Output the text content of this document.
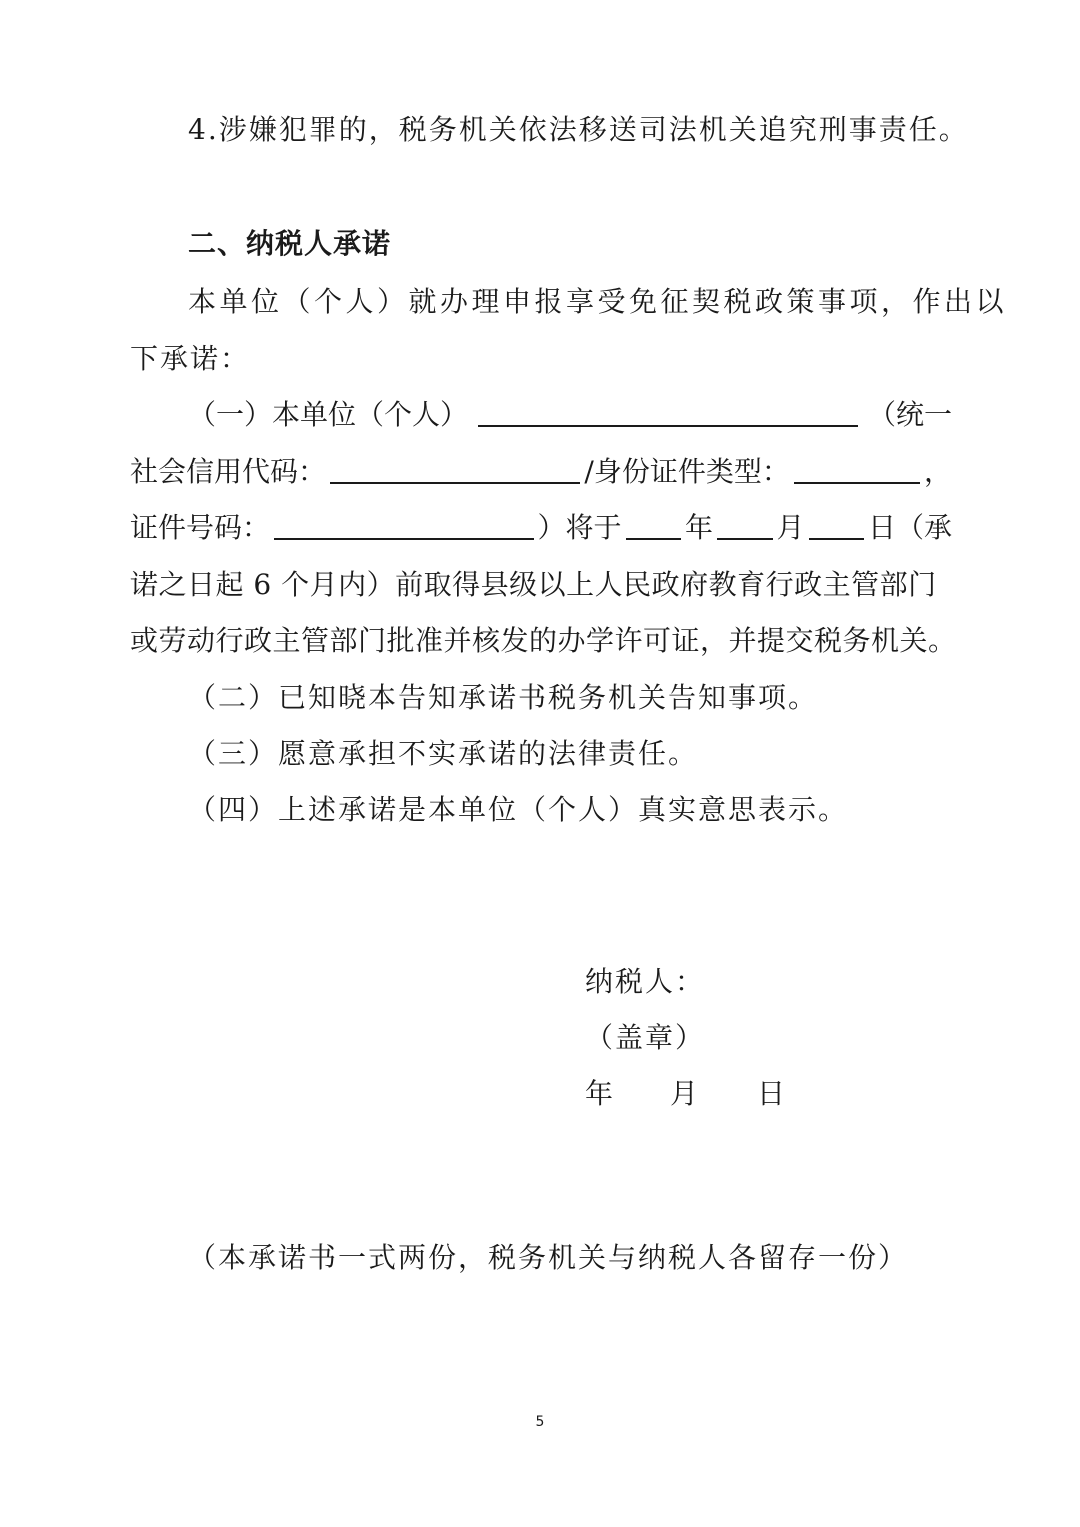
4.涉嫌犯罪的，税务机关依法移送司法机关追究刑事责任。
二、纳税人承诺
本单位（个人）就办理申报享受免征契税政策事项，作出以
下承诺：
（一）本单位（个人）	（统一
社会信用代码：	/身份证件类型：	，
证件号码：	）将于 年 月 日（承
诺之日起 6 个月内）前取得县级以上人民政府教育行政主管部门
或劳动行政主管部门批准并核发的办学许可证，并提交税务机关。
（二）已知晓本告知承诺书税务机关告知事项。
（三）愿意承担不实承诺的法律责任。
（四）上述承诺是本单位（个人）真实意思表示。
纳税人：
（盖章）
年 月 日
（本承诺书一式两份，税务机关与纳税人各留存一份）
5
